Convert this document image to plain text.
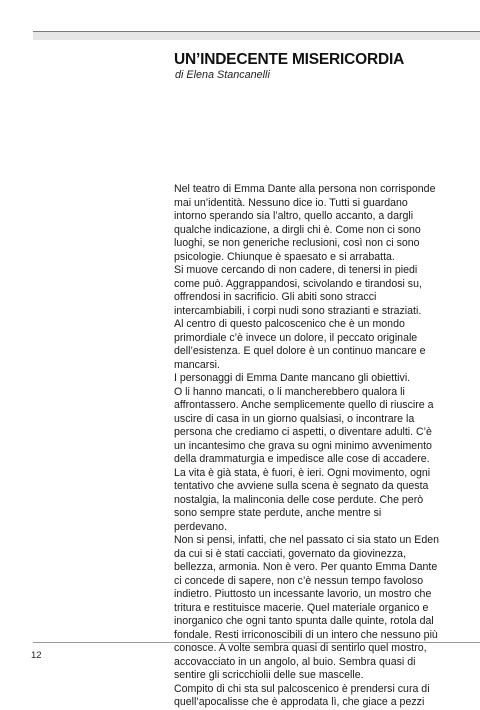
UN’INDECENTE MISERICORDIA

di Elena Stancanelli

Nel teatro di Emma Dante alla persona non corrisponde
mai un’identità. Nessuno dice io. Tutti si guardano
intorno sperando sia l’altro, quello accanto, a dargli
qualche indicazione, a dirgli chi è. Come non ci sono
luoghi, se non generiche reclusioni, così non ci sono
psicologie. Chiunque è spaesato e si arrabatta.
Si muove cercando di non cadere, di tenersi in piedi
come può. Aggrappandosi, scivolando e tirandosi su,
offrendosi in sacrificio. Gli abiti sono stracci
intercambiabili, i corpi nudi sono strazianti e straziati.
Al centro di questo palcoscenico che è un mondo
primordiale c’è invece un dolore, il peccato originale
dell’esistenza. E quel dolore è un continuo mancare e
mancarsi.
I personaggi di Emma Dante mancano gli obiettivi.
O li hanno mancati, o li mancherebbero qualora li
affrontassero. Anche semplicemente quello di riuscire a
uscire di casa in un giorno qualsiasi, o incontrare la
persona che crediamo ci aspetti, o diventare adulti. C’è
un incantesimo che grava su ogni minimo avvenimento
della drammaturgia e impedisce alle cose di accadere.
La vita è già stata, è fuori, è ieri. Ogni movimento, ogni
tentativo che avviene sulla scena è segnato da questa
nostalgia, la malinconia delle cose perdute. Che però
sono sempre state perdute, anche mentre si
perdevano.
Non si pensi, infatti, che nel passato ci sia stato un Eden
da cui si è stati cacciati, governato da giovinezza,
bellezza, armonia. Non è vero. Per quanto Emma Dante
ci concede di sapere, non c’è nessun tempo favoloso
indietro. Piuttosto un incessante lavorio, un mostro che
tritura e restituisce macerie. Quel materiale organico e
inorganico che ogni tanto spunta dalle quinte, rotola dal
fondale. Resti irriconoscibili di un intero che nessuno più
conosce. A volte sembra quasi di sentirlo quel mostro,
accovacciato in un angolo, al buio. Sembra quasi di
sentire gli scricchiolii delle sue mascelle.
Compito di chi sta sul palcoscenico è prendersi cura di
quell’apocalisse che è approdata lì, che giace a pezzi
12
